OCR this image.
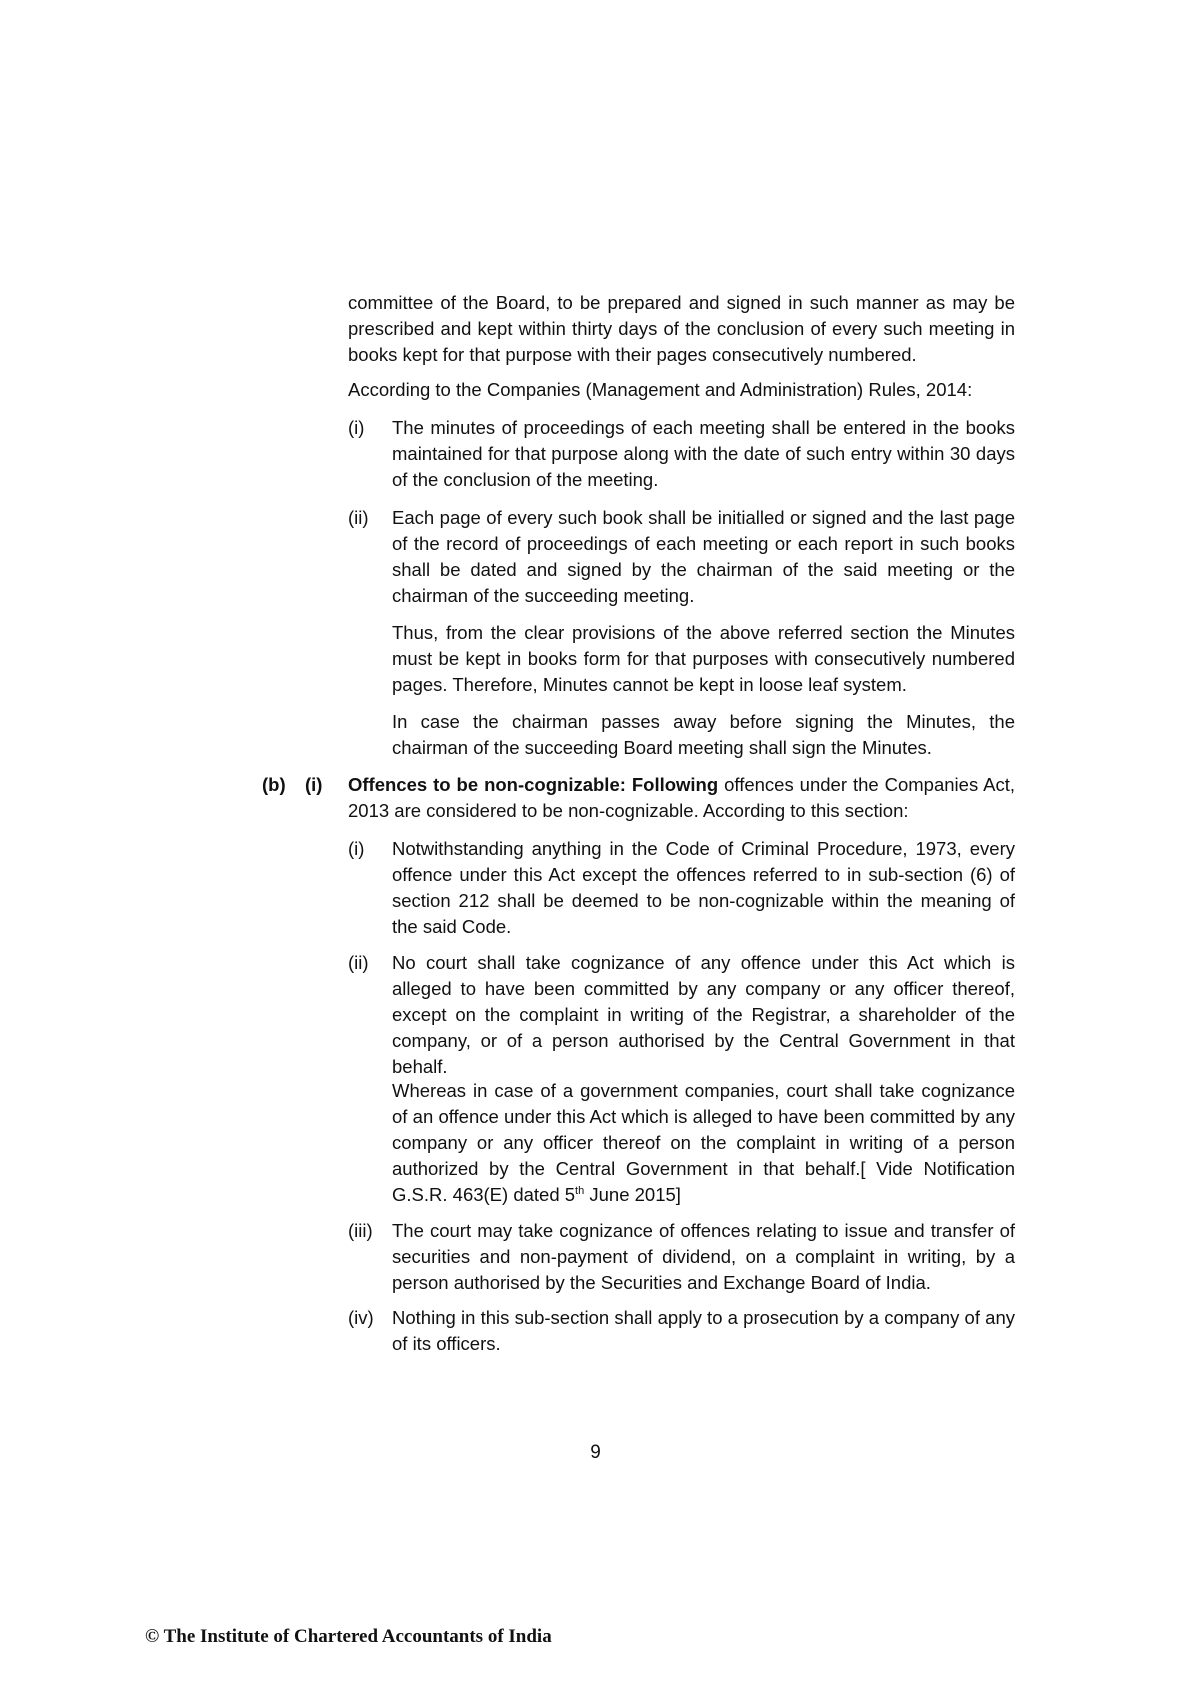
committee of the Board, to be prepared and signed in such manner as may be prescribed and kept within thirty days of the conclusion of every such meeting in books kept for that purpose with their pages consecutively numbered.

According to the Companies (Management and Administration) Rules, 2014:

(i) The minutes of proceedings of each meeting shall be entered in the books maintained for that purpose along with the date of such entry within 30 days of the conclusion of the meeting.

(ii) Each page of every such book shall be initialled or signed and the last page of the record of proceedings of each meeting or each report in such books shall be dated and signed by the chairman of the said meeting or the chairman of the succeeding meeting.

Thus, from the clear provisions of the above referred section the Minutes must be kept in books form for that purposes with consecutively numbered pages. Therefore, Minutes cannot be kept in loose leaf system.

In case the chairman passes away before signing the Minutes, the chairman of the succeeding Board meeting shall sign the Minutes.

(b) (i) Offences to be non-cognizable: Following offences under the Companies Act, 2013 are considered to be non-cognizable. According to this section:

(i) Notwithstanding anything in the Code of Criminal Procedure, 1973, every offence under this Act except the offences referred to in sub-section (6) of section 212 shall be deemed to be non-cognizable within the meaning of the said Code.

(ii) No court shall take cognizance of any offence under this Act which is alleged to have been committed by any company or any officer thereof, except on the complaint in writing of the Registrar, a shareholder of the company, or of a person authorised by the Central Government in that behalf.

Whereas in case of a government companies, court shall take cognizance of an offence under this Act which is alleged to have been committed by any company or any officer thereof on the complaint in writing of a person authorized by the Central Government in that behalf.[ Vide Notification G.S.R. 463(E) dated 5th June 2015]

(iii) The court may take cognizance of offences relating to issue and transfer of securities and non-payment of dividend, on a complaint in writing, by a person authorised by the Securities and Exchange Board of India.

(iv) Nothing in this sub-section shall apply to a prosecution by a company of any of its officers.

9
© The Institute of Chartered Accountants of India
